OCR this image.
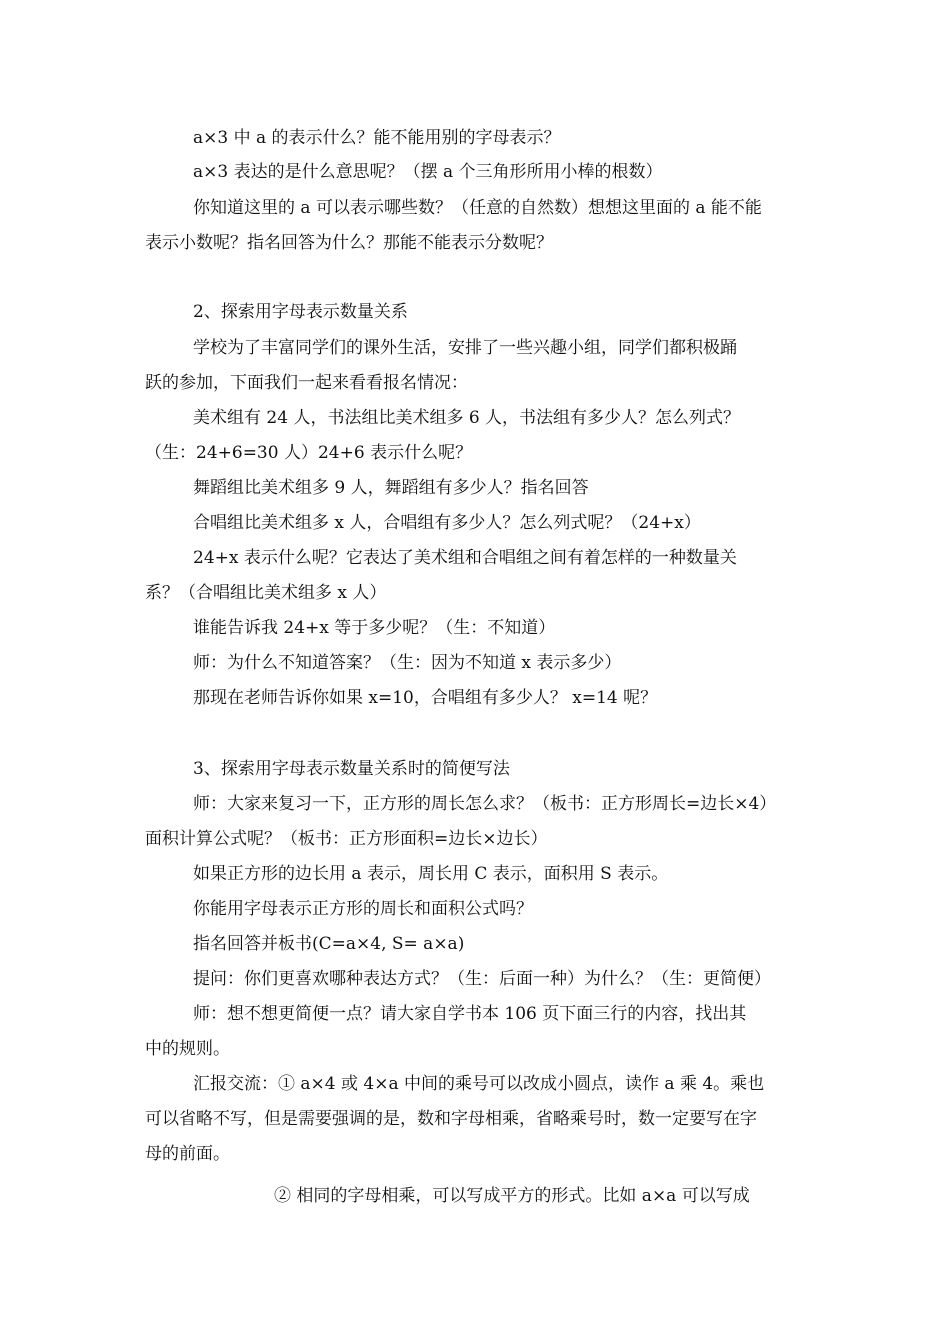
a×3 中 a 的表示什么？能不能用别的字母表示？
a×3 表达的是什么意思呢？（摆 a 个三角形所用小棒的根数）
你知道这里的 a 可以表示哪些数？（任意的自然数）想想这里面的 a 能不能
表示小数呢？指名回答为什么？那能不能表示分数呢？
2、探索用字母表示数量关系
学校为了丰富同学们的课外生活，安排了一些兴趣小组，同学们都积极踊
跃的参加，下面我们一起来看看报名情况：
美术组有 24 人，书法组比美术组多 6 人，书法组有多少人？怎么列式？
（生：24+6=30 人）24+6 表示什么呢？
舞蹈组比美术组多 9 人，舞蹈组有多少人？指名回答
合唱组比美术组多 x 人，合唱组有多少人？怎么列式呢？（24+x）
24+x 表示什么呢？它表达了美术组和合唱组之间有着怎样的一种数量关
系？（合唱组比美术组多 x 人）
谁能告诉我 24+x 等于多少呢？（生：不知道）
师：为什么不知道答案？（生：因为不知道 x 表示多少）
那现在老师告诉你如果 x=10，合唱组有多少人？ x=14 呢？
3、探索用字母表示数量关系时的简便写法
师：大家来复习一下，正方形的周长怎么求？（板书：正方形周长=边长×4）
面积计算公式呢？（板书：正方形面积=边长×边长）
如果正方形的边长用 a 表示，周长用 C 表示，面积用 S 表示。
你能用字母表示正方形的周长和面积公式吗？
指名回答并板书(C=a×4, S= a×a)
提问：你们更喜欢哪种表达方式？（生：后面一种）为什么？（生：更简便）
师：想不想更简便一点？请大家自学书本 106 页下面三行的内容，找出其
中的规则。
汇报交流：① a×4 或 4×a 中间的乘号可以改成小圆点，读作 a 乘 4。乘也
可以省略不写，但是需要强调的是，数和字母相乘，省略乘号时，数一定要写在字
母的前面。
② 相同的字母相乘，可以写成平方的形式。比如 a×a 可以写成
